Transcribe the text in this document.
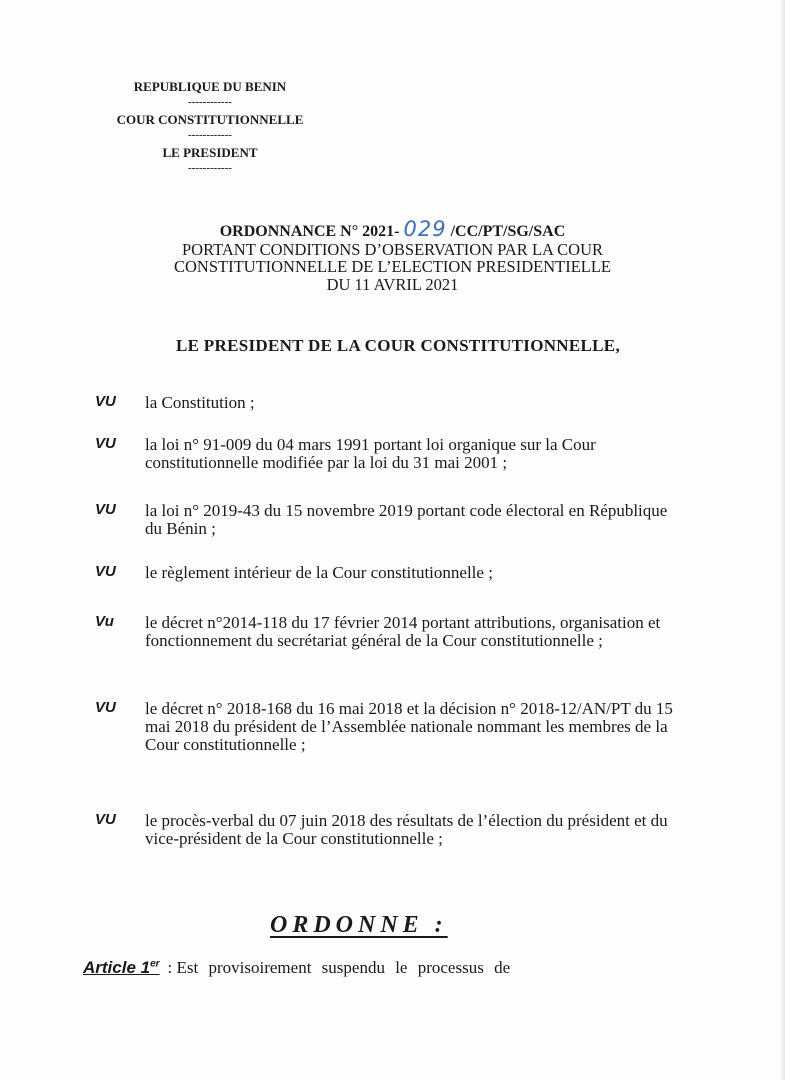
REPUBLIQUE DU BENIN
------------
COUR CONSTITUTIONNELLE
------------
LE PRESIDENT
------------
ORDONNANCE N° 2021- 029 /CC/PT/SG/SAC
PORTANT CONDITIONS D’OBSERVATION PAR LA COUR
CONSTITUTIONNELLE DE L’ELECTION PRESIDENTIELLE
DU 11 AVRIL 2021
LE PRESIDENT DE LA COUR CONSTITUTIONNELLE,
VU la Constitution ;
VU la loi n° 91-009 du 04 mars 1991 portant loi organique sur la Cour constitutionnelle modifiée par la loi du 31 mai 2001 ;
VU la loi n° 2019-43 du 15 novembre 2019 portant code électoral en République du Bénin ;
VU le règlement intérieur de la Cour constitutionnelle ;
Vu le décret n°2014-118 du 17 février 2014 portant attributions, organisation et fonctionnement du secrétariat général de la Cour constitutionnelle ;
VU le décret n° 2018-168 du 16 mai 2018 et la décision n° 2018-12/AN/PT du 15 mai 2018 du président de l’Assemblée nationale nommant les membres de la Cour constitutionnelle ;
VU le procès-verbal du 07 juin 2018 des résultats de l’élection du président et du vice-président de la Cour constitutionnelle ;
ORDONNE :
Article 1er : Est provisoirement suspendu le processus de
